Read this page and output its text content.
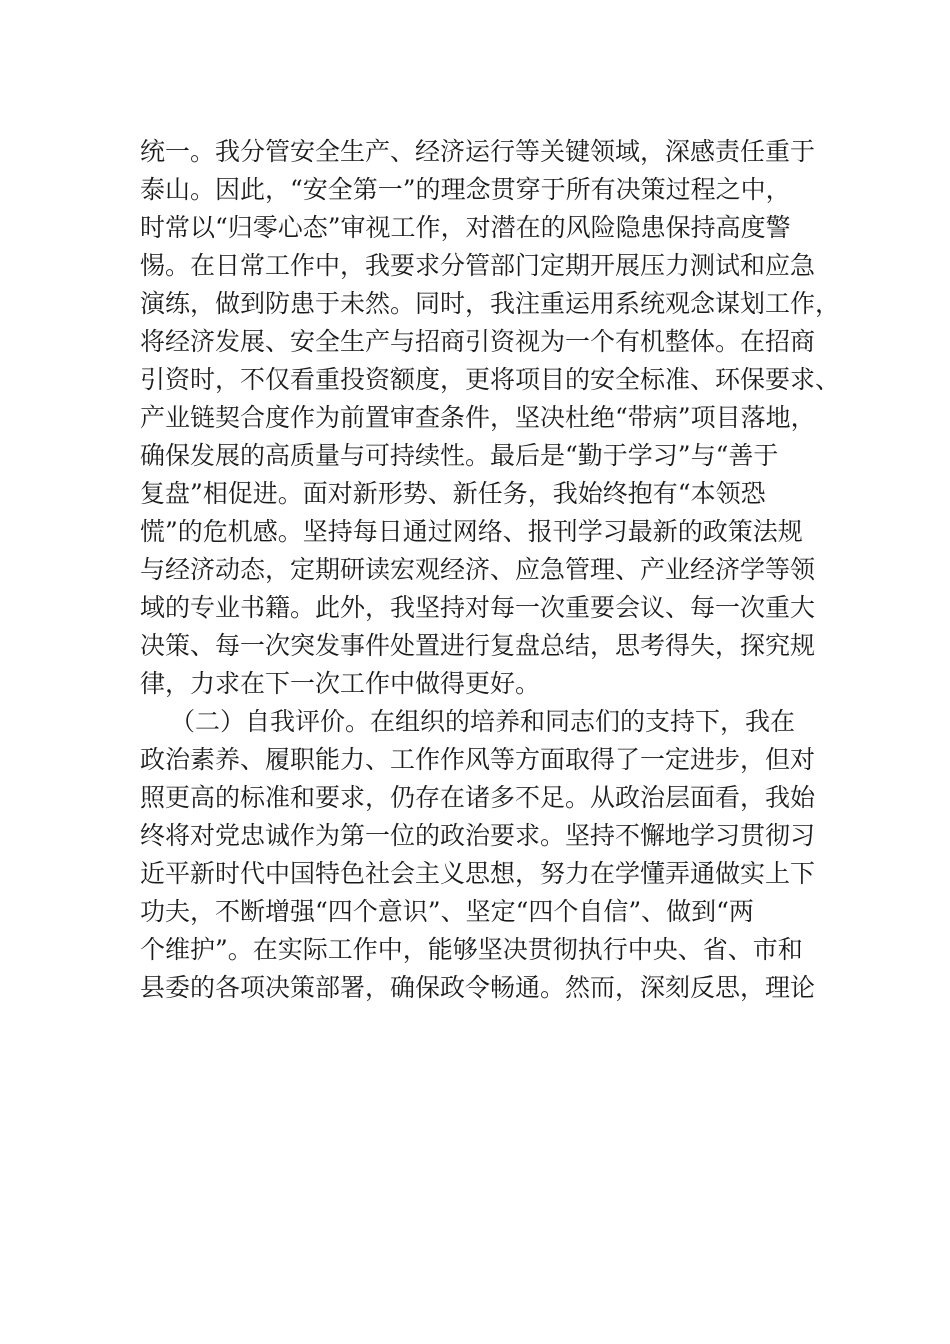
统一。我分管安全生产、经济运行等关键领域，深感责任重于
泰山。因此，“安全第一”的理念贯穿于所有决策过程之中，
时常以“归零心态”审视工作，对潜在的风险隐患保持高度警
惕。在日常工作中，我要求分管部门定期开展压力测试和应急
演练，做到防患于未然。同时，我注重运用系统观念谋划工作，
将经济发展、安全生产与招商引资视为一个有机整体。在招商
引资时，不仅看重投资额度，更将项目的安全标准、环保要求、
产业链契合度作为前置审查条件，坚决杜绝“带病”项目落地，
确保发展的高质量与可持续性。最后是“勤于学习”与“善于
复盘”相促进。面对新形势、新任务，我始终抱有“本领恐
慌”的危机感。坚持每日通过网络、报刊学习最新的政策法规
与经济动态，定期研读宏观经济、应急管理、产业经济学等领
域的专业书籍。此外，我坚持对每一次重要会议、每一次重大
决策、每一次突发事件处置进行复盘总结，思考得失，探究规
律，力求在下一次工作中做得更好。
（二）自我评价。在组织的培养和同志们的支持下，我在
政治素养、履职能力、工作作风等方面取得了一定进步，但对
照更高的标准和要求，仍存在诸多不足。从政治层面看，我始
终将对党忠诚作为第一位的政治要求。坚持不懈地学习贯彻习
近平新时代中国特色社会主义思想，努力在学懂弄通做实上下
功夫，不断增强“四个意识”、坚定“四个自信”、做到“两
个维护”。在实际工作中，能够坚决贯彻执行中央、省、市和
县委的各项决策部署，确保政令畅通。然而，深刻反思，理论
